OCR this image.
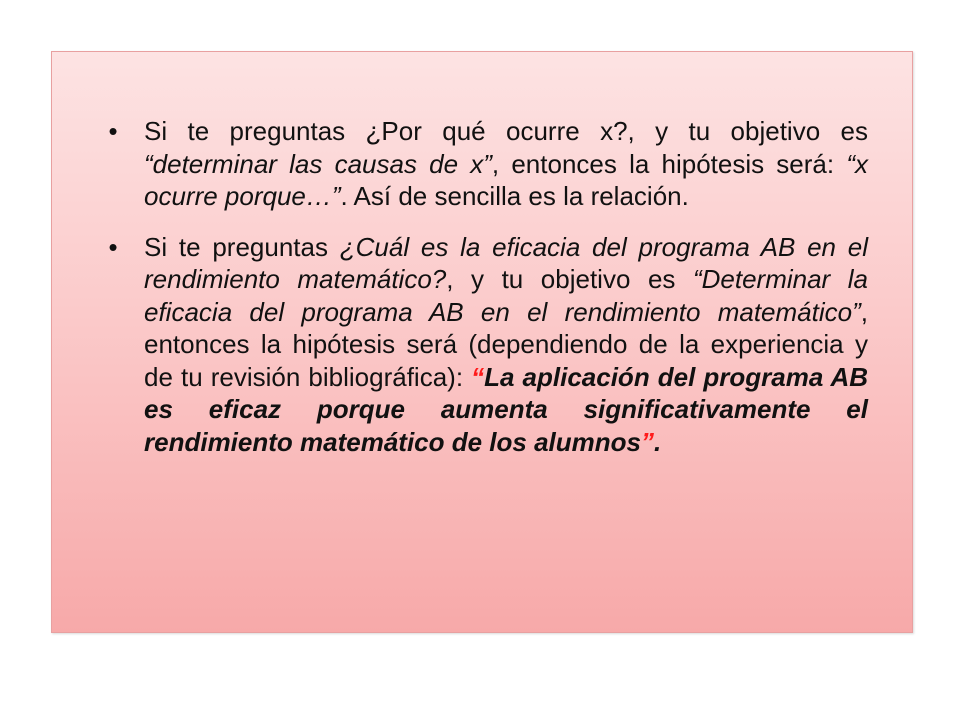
• Si te preguntas ¿Por qué ocurre x?, y tu objetivo es “determinar las causas de x”, entonces la hipótesis será: “x ocurre porque…”. Así de sencilla es la relación.
• Si te preguntas ¿Cuál es la eficacia del programa AB en el rendimiento matemático?, y tu objetivo es “Determinar la eficacia del programa AB en el rendimiento matemático”, entonces la hipótesis será (dependiendo de la experiencia y de tu revisión bibliográfica): “La aplicación del programa AB es eficaz porque aumenta significativamente el rendimiento matemático de los alumnos”.
